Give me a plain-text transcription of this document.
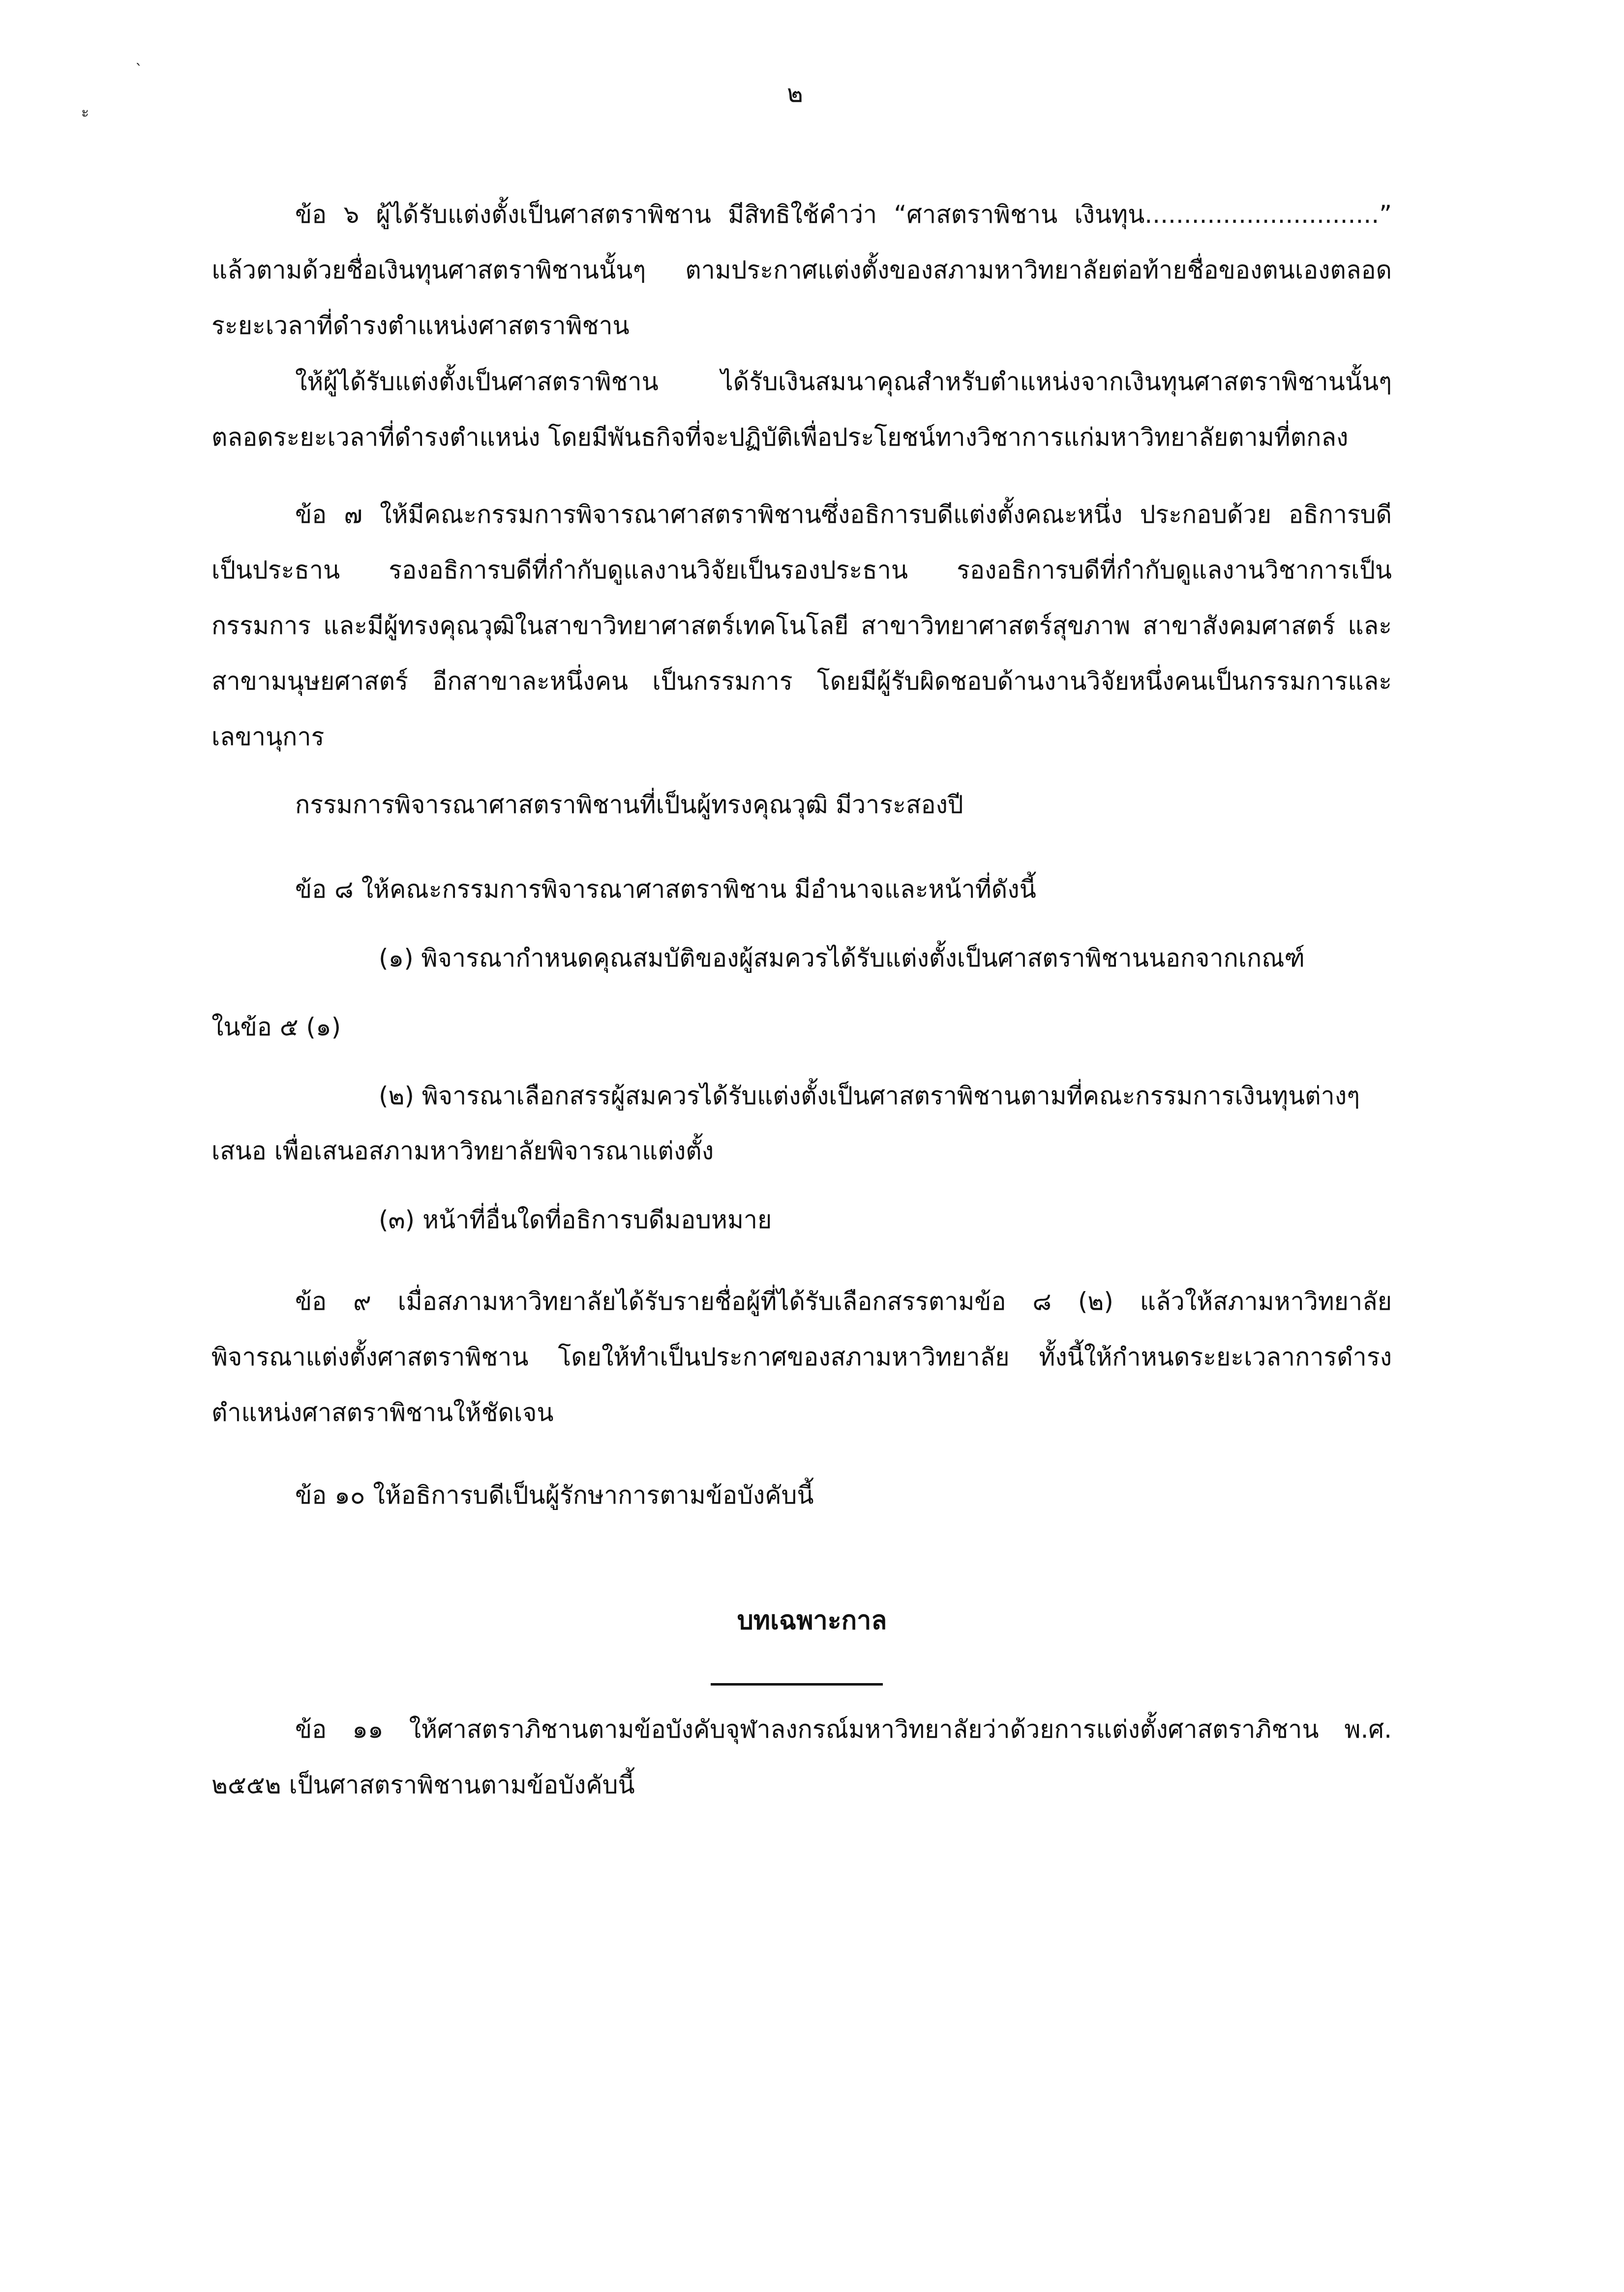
`
ะ
๒

ข้อ ๖ ผู้ได้รับแต่งตั้งเป็นศาสตราพิชาน มีสิทธิใช้คำว่า “ศาสตราพิชาน เงินทุน..............................” แล้วตามด้วยชื่อเงินทุนศาสตราพิชานนั้นๆ ตามประกาศแต่งตั้งของสภามหาวิทยาลัยต่อท้ายชื่อของตนเองตลอดระยะเวลาที่ดำรงตำแหน่งศาสตราพิชาน

ให้ผู้ได้รับแต่งตั้งเป็นศาสตราพิชาน ได้รับเงินสมนาคุณสำหรับตำแหน่งจากเงินทุนศาสตราพิชานนั้นๆ ตลอดระยะเวลาที่ดำรงตำแหน่ง โดยมีพันธกิจที่จะปฏิบัติเพื่อประโยชน์ทางวิชาการแก่มหาวิทยาลัยตามที่ตกลง

ข้อ ๗ ให้มีคณะกรรมการพิจารณาศาสตราพิชานซึ่งอธิการบดีแต่งตั้งคณะหนึ่ง ประกอบด้วย อธิการบดีเป็นประธาน รองอธิการบดีที่กำกับดูแลงานวิจัยเป็นรองประธาน รองอธิการบดีที่กำกับดูแลงานวิชาการเป็นกรรมการ และมีผู้ทรงคุณวุฒิในสาขาวิทยาศาสตร์เทคโนโลยี สาขาวิทยาศาสตร์สุขภาพ สาขาสังคมศาสตร์ และสาขามนุษยศาสตร์ อีกสาขาละหนึ่งคน เป็นกรรมการ โดยมีผู้รับผิดชอบด้านงานวิจัยหนึ่งคนเป็นกรรมการและเลขานุการ

กรรมการพิจารณาศาสตราพิชานที่เป็นผู้ทรงคุณวุฒิ มีวาระสองปี

ข้อ ๘ ให้คณะกรรมการพิจารณาศาสตราพิชาน มีอำนาจและหน้าที่ดังนี้
(๑) พิจารณากำหนดคุณสมบัติของผู้สมควรได้รับแต่งตั้งเป็นศาสตราพิชานนอกจากเกณฑ์
ในข้อ ๕ (๑)
(๒) พิจารณาเลือกสรรผู้สมควรได้รับแต่งตั้งเป็นศาสตราพิชานตามที่คณะกรรมการเงินทุนต่างๆ
เสนอ เพื่อเสนอสภามหาวิทยาลัยพิจารณาแต่งตั้ง
(๓) หน้าที่อื่นใดที่อธิการบดีมอบหมาย

ข้อ ๙ เมื่อสภามหาวิทยาลัยได้รับรายชื่อผู้ที่ได้รับเลือกสรรตามข้อ ๘ (๒) แล้วให้สภามหาวิทยาลัยพิจารณาแต่งตั้งศาสตราพิชาน โดยให้ทำเป็นประกาศของสภามหาวิทยาลัย ทั้งนี้ให้กำหนดระยะเวลาการดำรงตำแหน่งศาสตราพิชานให้ชัดเจน

ข้อ ๑๐ ให้อธิการบดีเป็นผู้รักษาการตามข้อบังคับนี้
บทเฉพาะกาล

ข้อ ๑๑ ให้ศาสตราภิชานตามข้อบังคับจุฬาลงกรณ์มหาวิทยาลัยว่าด้วยการแต่งตั้งศาสตราภิชาน พ.ศ. ๒๕๕๒ เป็นศาสตราพิชานตามข้อบังคับนี้
